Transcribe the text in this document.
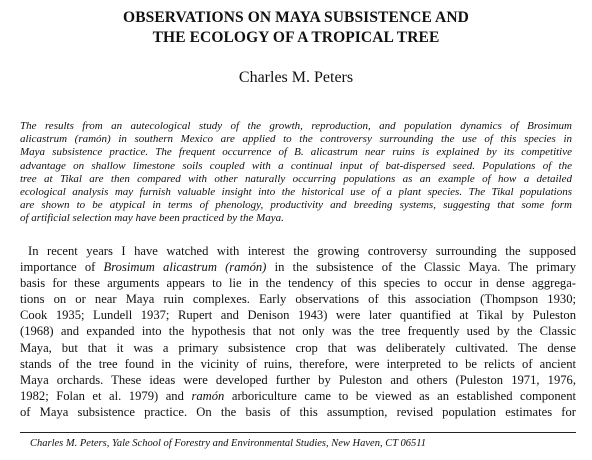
OBSERVATIONS ON MAYA SUBSISTENCE AND
THE ECOLOGY OF A TROPICAL TREE
Charles M. Peters
The results from an autecological study of the growth, reproduction, and population dynamics of Brosimum
alicastrum (ramón) in southern Mexico are applied to the controversy surrounding the use of this species in
Maya subsistence practice. The frequent occurrence of B. alicastrum near ruins is explained by its competitive
advantage on shallow limestone soils coupled with a continual input of bat-dispersed seed. Populations of the
tree at Tikal are then compared with other naturally occurring populations as an example of how a detailed
ecological analysis may furnish valuable insight into the historical use of a plant species. The Tikal populations
are shown to be atypical in terms of phenology, productivity and breeding systems, suggesting that some form
of artificial selection may have been practiced by the Maya.
In recent years I have watched with interest the growing controversy surrounding the supposed
importance of Brosimum alicastrum (ramón) in the subsistence of the Classic Maya. The primary
basis for these arguments appears to lie in the tendency of this species to occur in dense aggrega-
tions on or near Maya ruin complexes. Early observations of this association (Thompson 1930;
Cook 1935; Lundell 1937; Rupert and Denison 1943) were later quantified at Tikal by Puleston
(1968) and expanded into the hypothesis that not only was the tree frequently used by the Classic
Maya, but that it was a primary subsistence crop that was deliberately cultivated. The dense
stands of the tree found in the vicinity of ruins, therefore, were interpreted to be relicts of ancient
Maya orchards. These ideas were developed further by Puleston and others (Puleston 1971, 1976,
1982; Folan et al. 1979) and ramón arboriculture came to be viewed as an established component
of Maya subsistence practice. On the basis of this assumption, revised population estimates for
Charles M. Peters, Yale School of Forestry and Environmental Studies, New Haven, CT 06511
